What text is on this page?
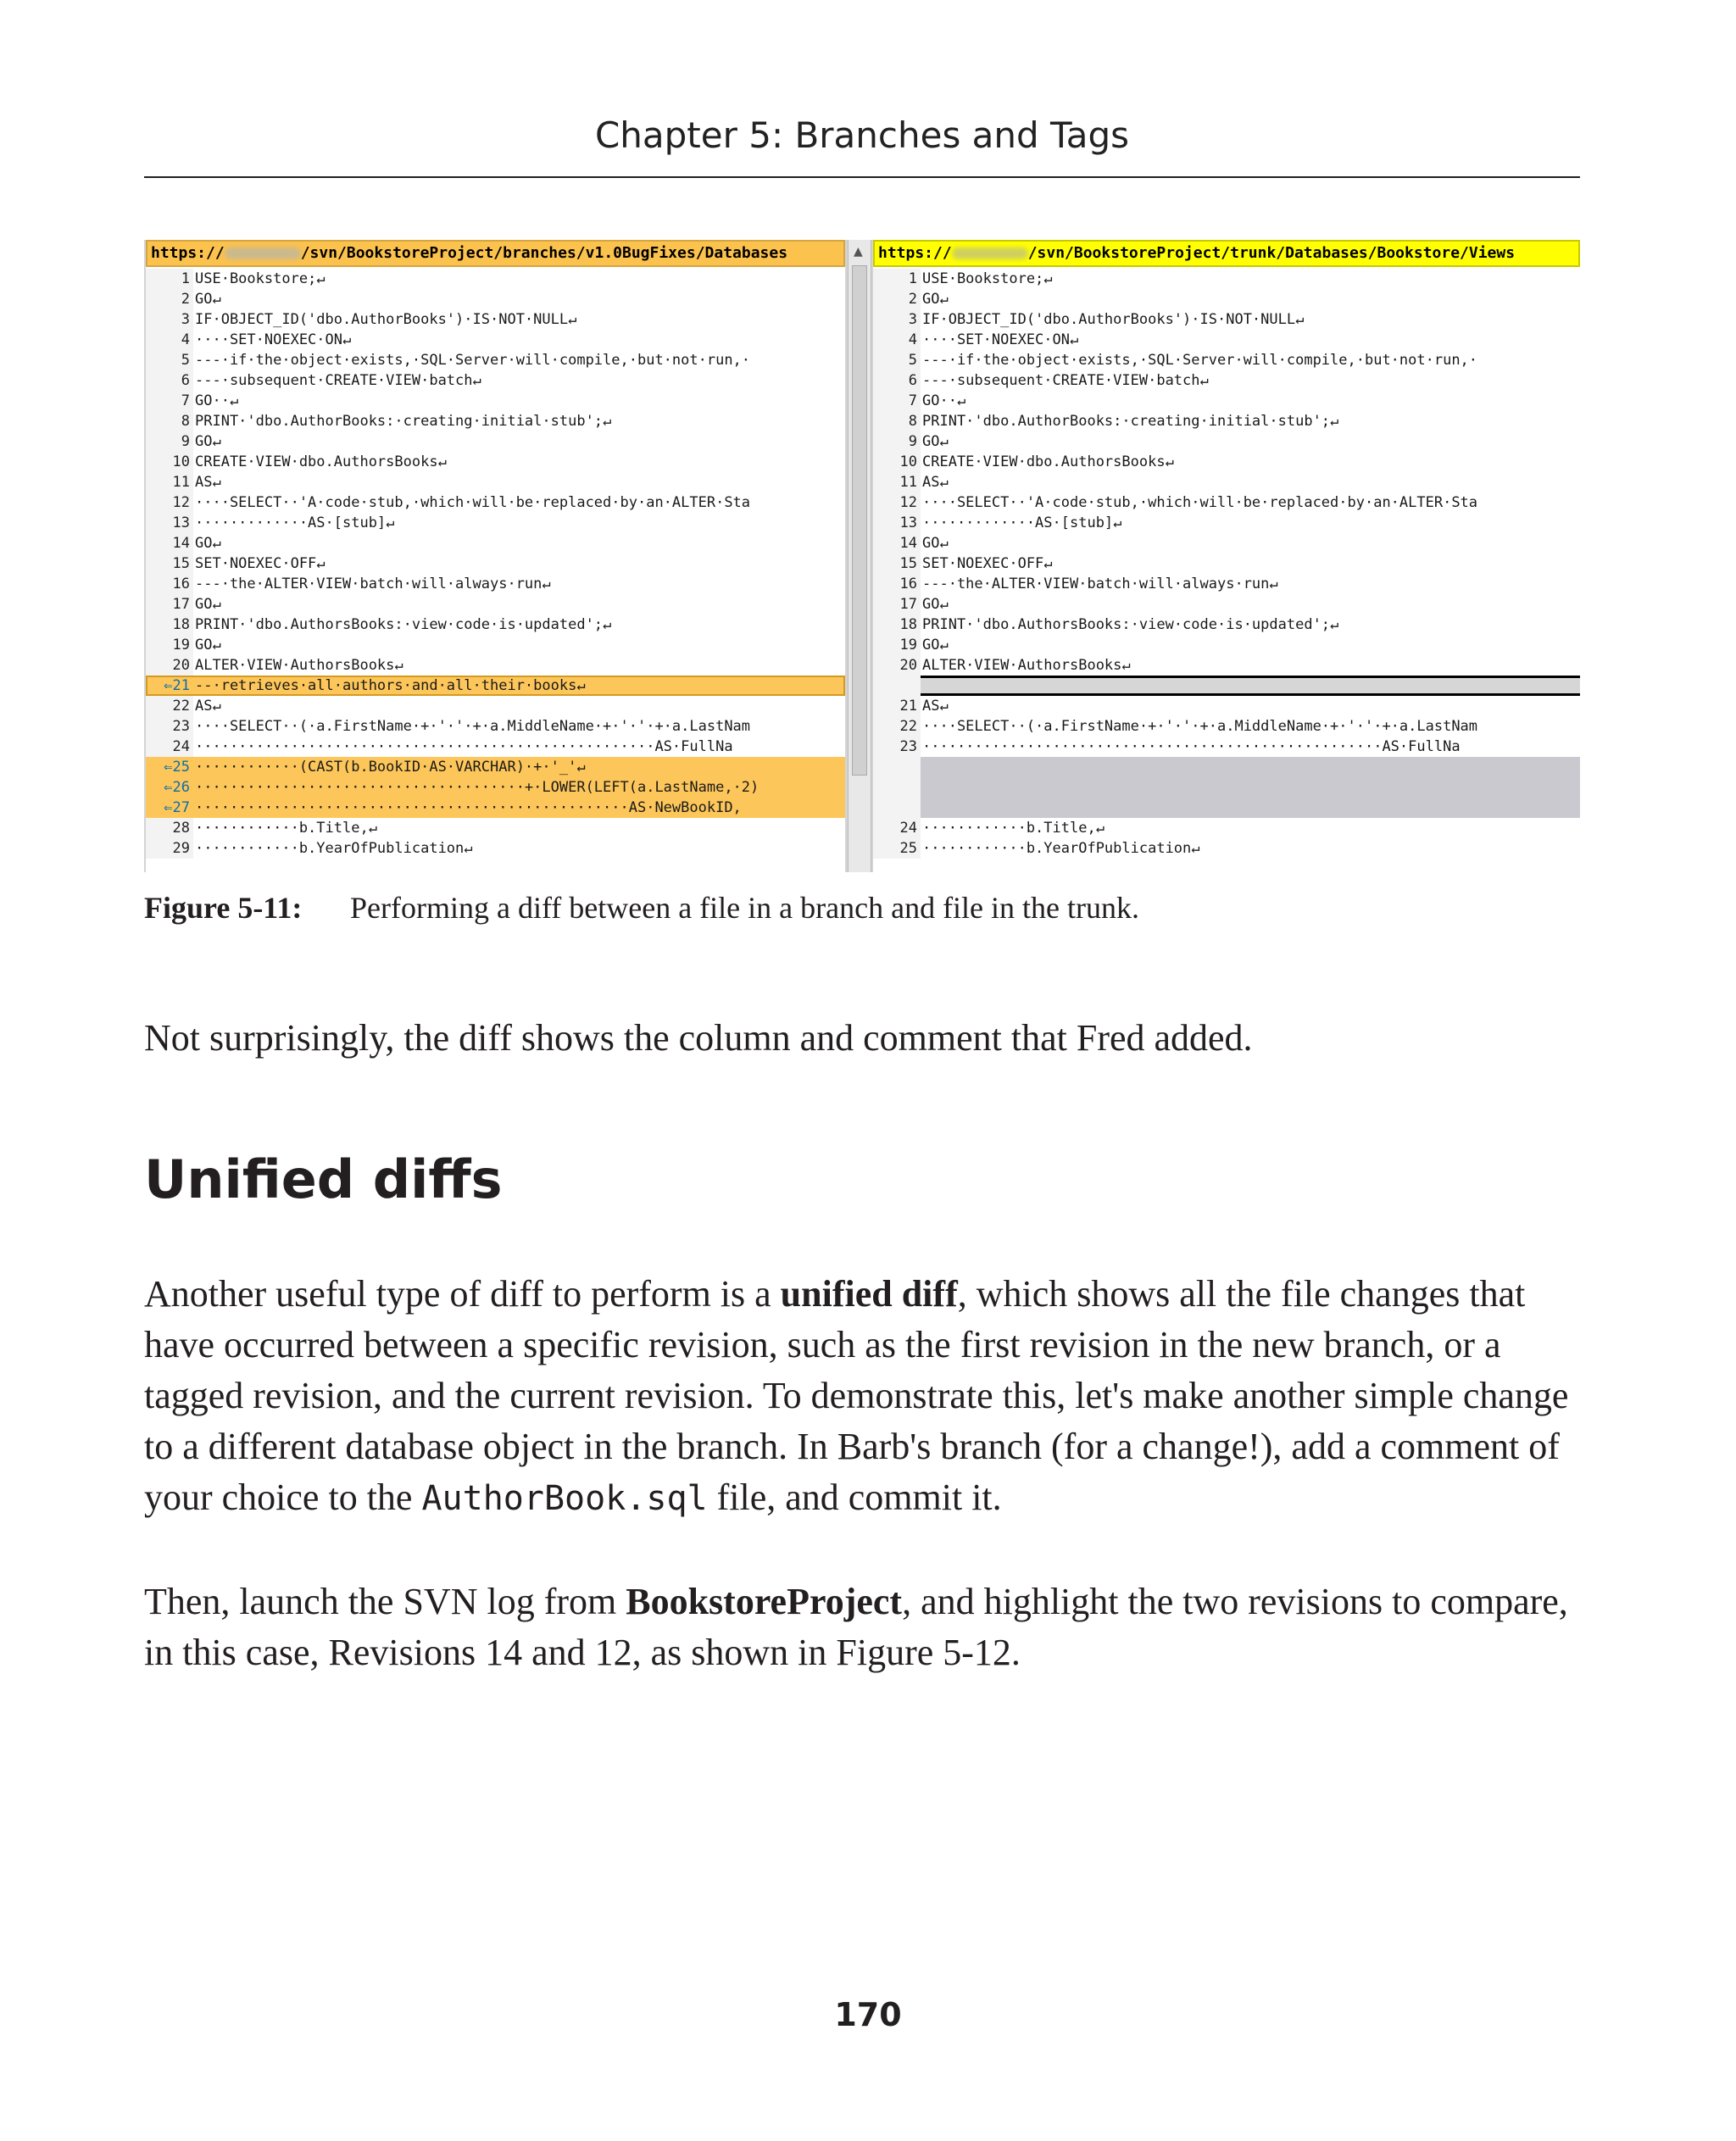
Chapter 5: Branches and Tags
https://	/svn/BookstoreProject/branches/v1.0BugFixes/Databases
1 USE·Bookstore;↵
2 GO↵
3 IF·OBJECT_ID('dbo.AuthorBooks')·IS·NOT·NULL↵
4 ····SET·NOEXEC·ON↵
5 ---·if·the·object·exists,·SQL·Server·will·compile,·but·not·run,·
6 ---·subsequent·CREATE·VIEW·batch↵
7 GO··↵
8 PRINT·'dbo.AuthorBooks:·creating·initial·stub';↵
9 GO↵
10 CREATE·VIEW·dbo.AuthorsBooks↵
11 AS↵
12 ····SELECT··'A·code·stub,·which·will·be·replaced·by·an·ALTER·Sta
13 ·············AS·[stub]↵
14 GO↵
15 SET·NOEXEC·OFF↵
16 ---·the·ALTER·VIEW·batch·will·always·run↵
17 GO↵
18 PRINT·'dbo.AuthorsBooks:·view·code·is·updated';↵
19 GO↵
20 ALTER·VIEW·AuthorsBooks↵
⇐21 --·retrieves·all·authors·and·all·their·books↵
22 AS↵
23 ····SELECT··(·a.FirstName·+·'·'·+·a.MiddleName·+·'·'·+·a.LastNam
24 ·····················································AS·FullNa
⇐25 ············(CAST(b.BookID·AS·VARCHAR)·+·'_'↵
⇐26 ······································+·LOWER(LEFT(a.LastName,·2)
⇐27 ··················································AS·NewBookID,
28 ············b.Title,↵
29 ············b.YearOfPublication↵
▲	https://	/svn/BookstoreProject/trunk/Databases/Bookstore/Views
1 USE·Bookstore;↵
2 GO↵
3 IF·OBJECT_ID('dbo.AuthorBooks')·IS·NOT·NULL↵
4 ····SET·NOEXEC·ON↵
5 ---·if·the·object·exists,·SQL·Server·will·compile,·but·not·run,·
6 ---·subsequent·CREATE·VIEW·batch↵
7 GO··↵
8 PRINT·'dbo.AuthorBooks:·creating·initial·stub';↵
9 GO↵
10 CREATE·VIEW·dbo.AuthorsBooks↵
11 AS↵
12 ····SELECT··'A·code·stub,·which·will·be·replaced·by·an·ALTER·Sta
13 ·············AS·[stub]↵
14 GO↵
15 SET·NOEXEC·OFF↵
16 ---·the·ALTER·VIEW·batch·will·always·run↵
17 GO↵
18 PRINT·'dbo.AuthorsBooks:·view·code·is·updated';↵
19 GO↵
20 ALTER·VIEW·AuthorsBooks↵
21 AS↵
22 ····SELECT··(·a.FirstName·+·'·'·+·a.MiddleName·+·'·'·+·a.LastNam
23 ·····················································AS·FullNa
24 ············b.Title,↵
25 ············b.YearOfPublication↵
Figure 5-11: Performing a diff between a file in a branch and file in the trunk.
Not surprisingly, the diff shows the column and comment that Fred added.
Unified diffs
Another useful type of diff to perform is a unified diff, which shows all the file changes that have occurred between a specific revision, such as the first revision in the new branch, or a tagged revision, and the current revision. To demonstrate this, let's make another simple change to a different database object in the branch. In Barb's branch (for a change!), add a comment of your choice to the AuthorBook.sql file, and commit it.
Then, launch the SVN log from BookstoreProject, and highlight the two revisions to compare, in this case, Revisions 14 and 12, as shown in Figure 5-12.
170
